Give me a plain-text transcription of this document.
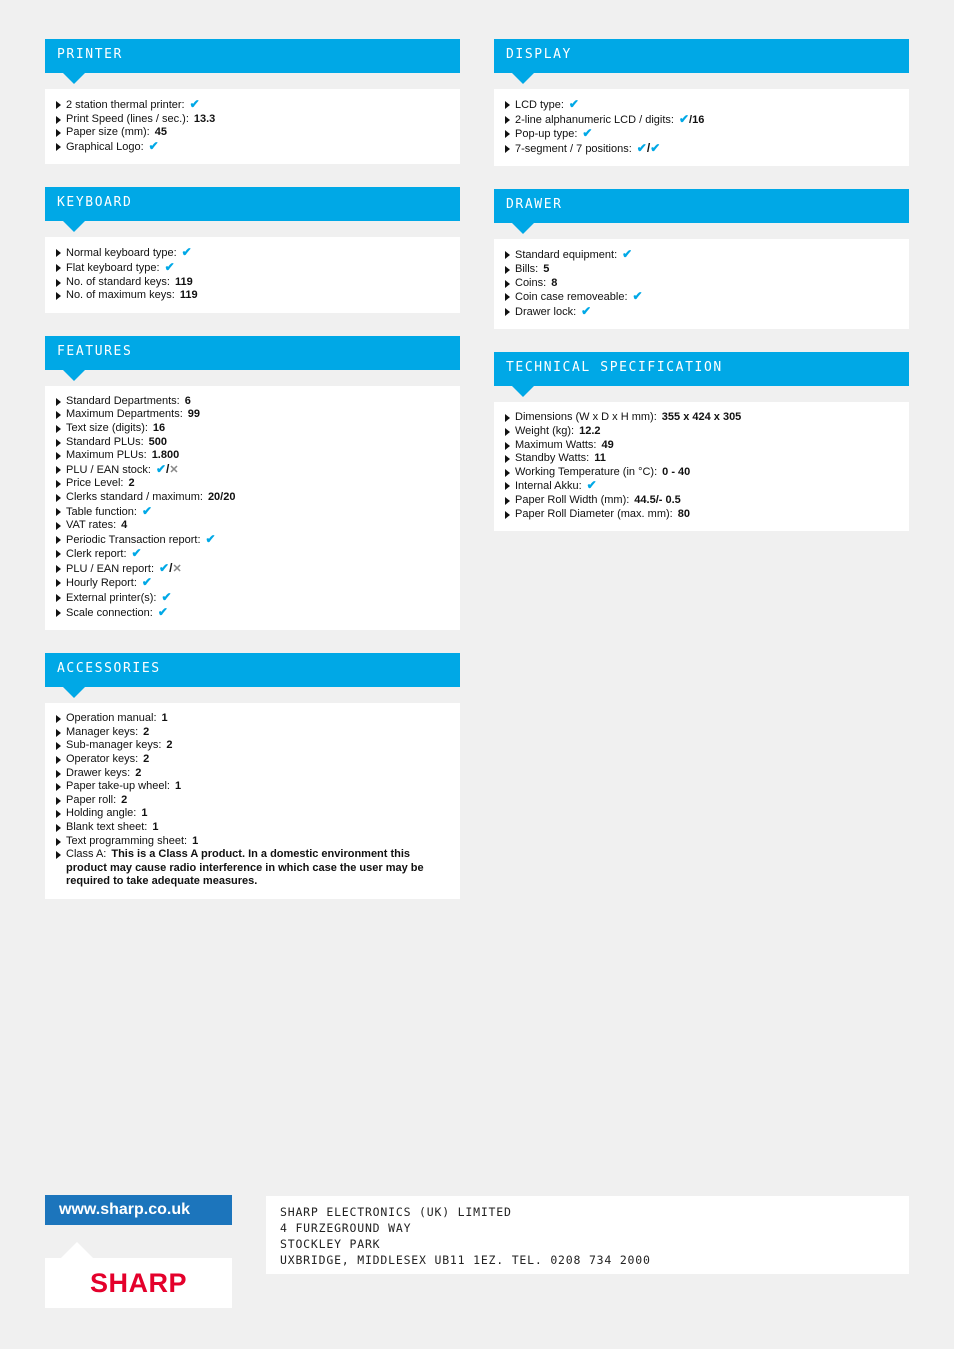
PRINTER
2 station thermal printer: ✔
Print Speed (lines / sec.): 13.3
Paper size (mm): 45
Graphical Logo: ✔
KEYBOARD
Normal keyboard type: ✔
Flat keyboard type: ✔
No. of standard keys: 119
No. of maximum keys: 119
FEATURES
Standard Departments: 6
Maximum Departments: 99
Text size (digits): 16
Standard PLUs: 500
Maximum PLUs: 1.800
PLU / EAN stock: ✔/✕
Price Level: 2
Clerks standard / maximum: 20/20
Table function: ✔
VAT rates: 4
Periodic Transaction report: ✔
Clerk report: ✔
PLU / EAN report: ✔/✕
Hourly Report: ✔
External printer(s): ✔
Scale connection: ✔
ACCESSORIES
Operation manual: 1
Manager keys: 2
Sub-manager keys: 2
Operator keys: 2
Drawer keys: 2
Paper take-up wheel: 1
Paper roll: 2
Holding angle: 1
Blank text sheet: 1
Text programming sheet: 1
Class A: This is a Class A product. In a domestic environment this product may cause radio interference in which case the user may be required to take adequate measures.
DISPLAY
LCD type: ✔
2-line alphanumeric LCD / digits: ✔/16
Pop-up type: ✔
7-segment / 7 positions: ✔/✔
DRAWER
Standard equipment: ✔
Bills: 5
Coins: 8
Coin case removeable: ✔
Drawer lock: ✔
TECHNICAL SPECIFICATION
Dimensions (W x D x H mm): 355 x 424 x 305
Weight (kg): 12.2
Maximum Watts: 49
Standby Watts: 11
Working Temperature (in °C): 0 - 40
Internal Akku: ✔
Paper Roll Width (mm): 44.5/- 0.5
Paper Roll Diameter (max. mm): 80
www.sharp.co.uk
SHARP
SHARP ELECTRONICS (UK) LIMITED
4 FURZEGROUND WAY
STOCKLEY PARK
UXBRIDGE, MIDDLESEX UB11 1EZ. TEL. 0208 734 2000
